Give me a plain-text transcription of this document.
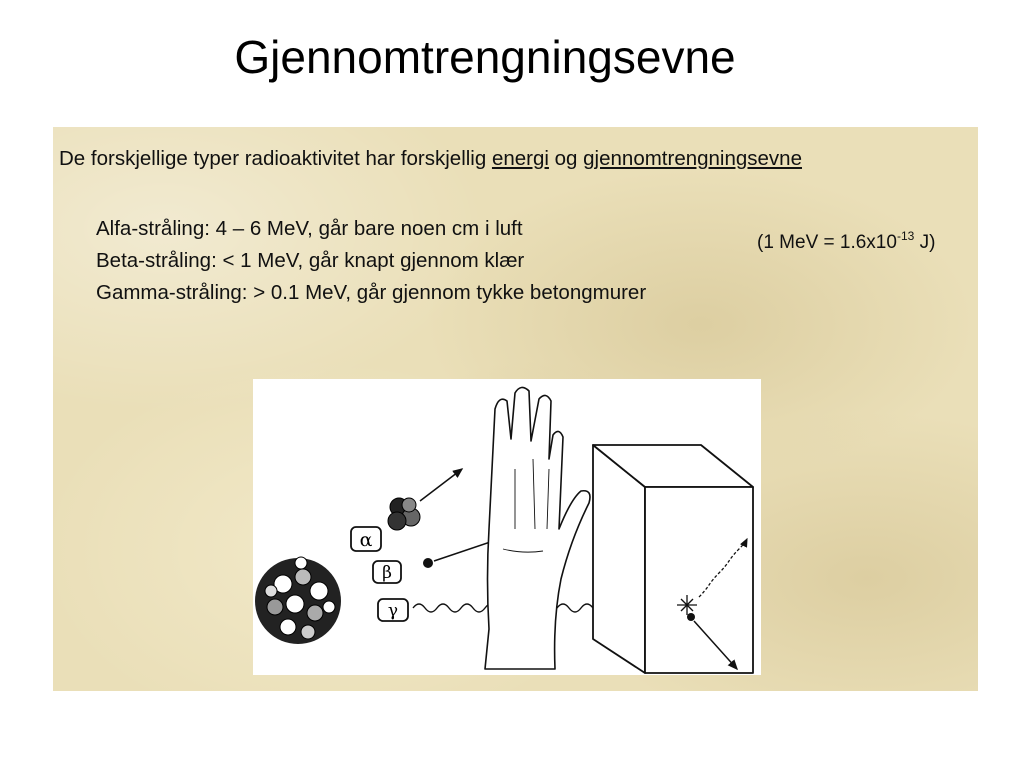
Gjennomtrengningsevne
De forskjellige typer radioaktivitet har forskjellig energi og gjennomtrengningsevne
Alfa-stråling: 4 – 6 MeV, går bare noen cm i luft
Beta-stråling: < 1 MeV, går knapt gjennom klær
Gamma-stråling: > 0.1 MeV, går gjennom tykke betongmurer
(1 MeV = $1.6x10^{-13}$ J)
α
β
γ
